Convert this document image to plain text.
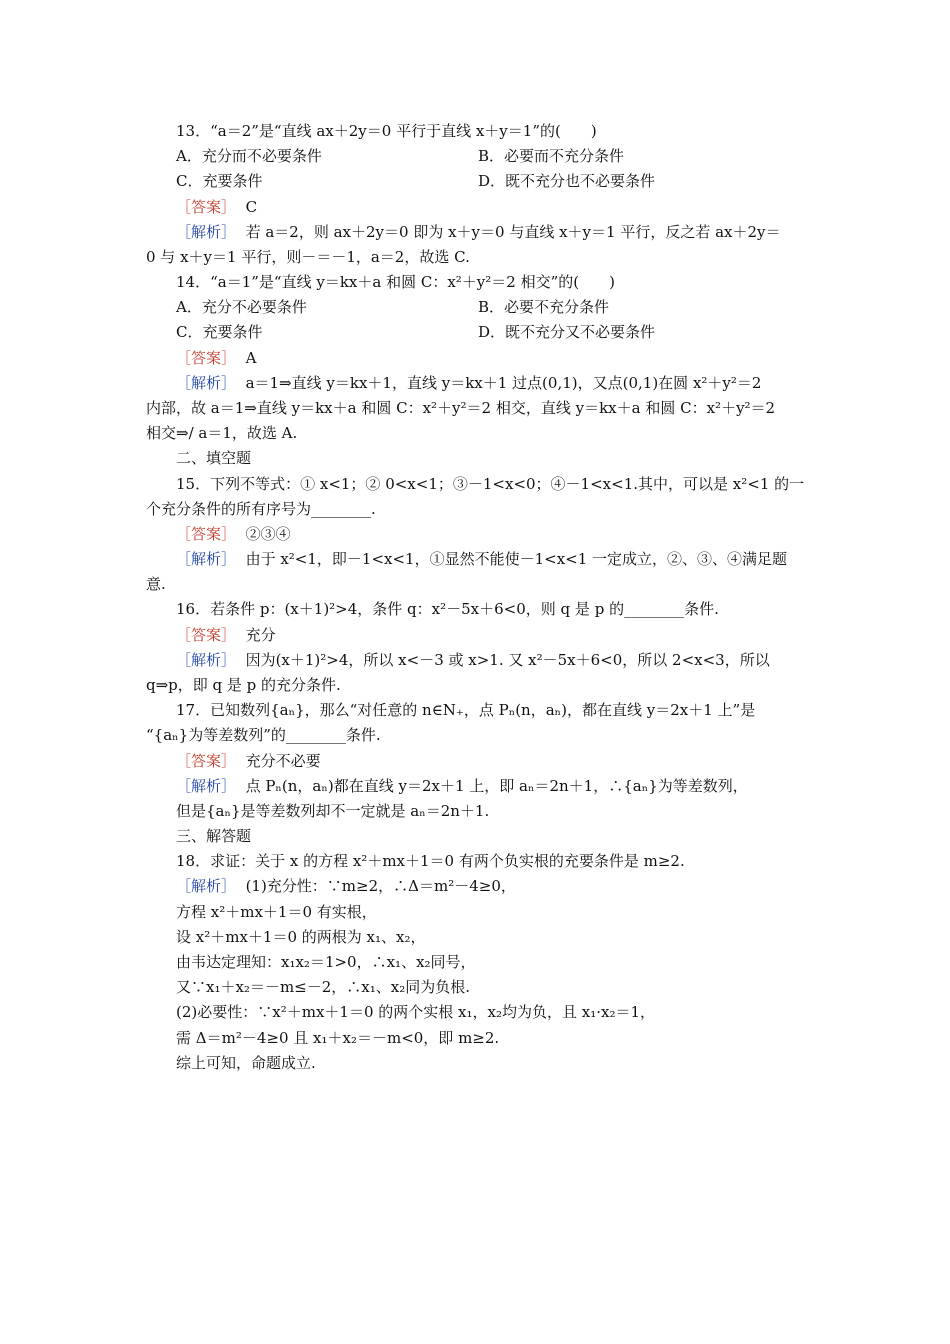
13．“a＝2”是“直线 ax＋2y＝0 平行于直线 x＋y＝1”的(　　)
A．充分而不必要条件	B．必要而不充分条件
C．充要条件	D．既不充分也不必要条件
［答案］ C
［解析］ 若 a＝2，则 ax＋2y＝0 即为 x＋y＝0 与直线 x＋y＝1 平行，反之若 ax＋2y＝
0 与 x＋y＝1 平行，则－＝－1，a＝2，故选 C.
14．“a＝1”是“直线 y＝kx＋a 和圆 C：x²＋y²＝2 相交”的(　　)
A．充分不必要条件	B．必要不充分条件
C．充要条件	D．既不充分又不必要条件
［答案］ A
［解析］ a＝1⇒直线 y＝kx＋1，直线 y＝kx＋1 过点(0,1)，又点(0,1)在圆 x²＋y²＝2
内部，故 a＝1⇒直线 y＝kx＋a 和圆 C：x²＋y²＝2 相交，直线 y＝kx＋a 和圆 C：x²＋y²＝2
相交⇒/ a＝1，故选 A.
二、填空题
15．下列不等式：① x<1；② 0<x<1；③－1<x<0；④－1<x<1.其中，可以是 x²<1 的一
个充分条件的所有序号为________.
［答案］ ②③④
［解析］ 由于 x²<1，即－1<x<1，①显然不能使－1<x<1 一定成立，②、③、④满足题
意.
16．若条件 p：(x＋1)²>4，条件 q：x²－5x＋6<0，则 q 是 p 的________条件.
［答案］ 充分
［解析］ 因为(x＋1)²>4，所以 x<－3 或 x>1. 又 x²－5x＋6<0，所以 2<x<3，所以
q⇒p，即 q 是 p 的充分条件.
17．已知数列{aₙ}，那么“对任意的 n∈N₊，点 Pₙ(n，aₙ)，都在直线 y＝2x＋1 上”是
“{aₙ}为等差数列”的________条件.
［答案］ 充分不必要
［解析］ 点 Pₙ(n，aₙ)都在直线 y＝2x＋1 上，即 aₙ＝2n＋1，∴{aₙ}为等差数列，
但是{aₙ}是等差数列却不一定就是 aₙ＝2n＋1.
三、解答题
18．求证：关于 x 的方程 x²＋mx＋1＝0 有两个负实根的充要条件是 m≥2.
［解析］ (1)充分性：∵m≥2，∴Δ＝m²－4≥0，
方程 x²＋mx＋1＝0 有实根，
设 x²＋mx＋1＝0 的两根为 x₁、x₂，
由韦达定理知：x₁x₂＝1>0，∴x₁、x₂同号，
又∵x₁＋x₂＝－m≤－2，∴x₁、x₂同为负根.
(2)必要性：∵x²＋mx＋1＝0 的两个实根 x₁，x₂均为负，且 x₁·x₂＝1，
需 Δ＝m²－4≥0 且 x₁＋x₂＝－m<0，即 m≥2.
综上可知，命题成立.
